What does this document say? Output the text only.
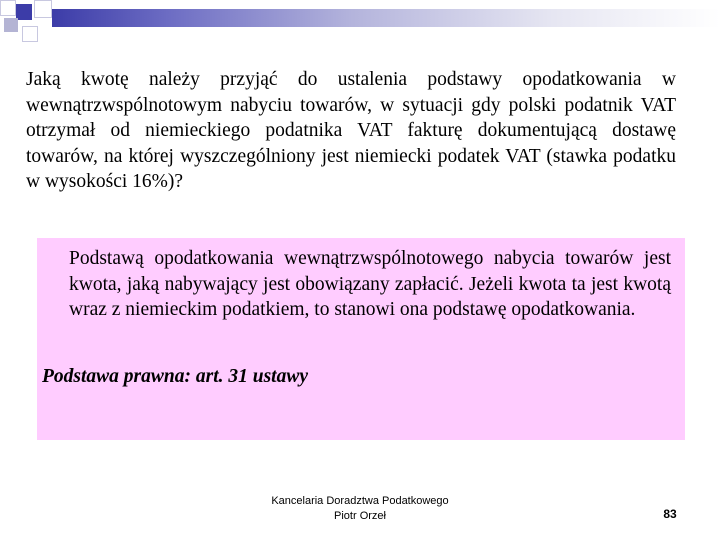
Jaką kwotę należy przyjąć do ustalenia podstawy opodatkowania w wewnątrzwspólnotowym nabyciu towarów, w sytuacji gdy polski podatnik VAT otrzymał od niemieckiego podatnika VAT fakturę dokumentującą dostawę towarów, na której wyszczególniony jest niemiecki podatek VAT (stawka podatku w wysokości 16%)?

Podstawą opodatkowania wewnątrzwspólnotowego nabycia towarów jest kwota, jaką nabywający jest obowiązany zapłacić. Jeżeli kwota ta jest kwotą wraz z niemieckim podatkiem, to stanowi ona podstawę opodatkowania.

Podstawa prawna: art. 31 ustawy

Kancelaria Doradztwa Podatkowego
Piotr Orzeł	83
